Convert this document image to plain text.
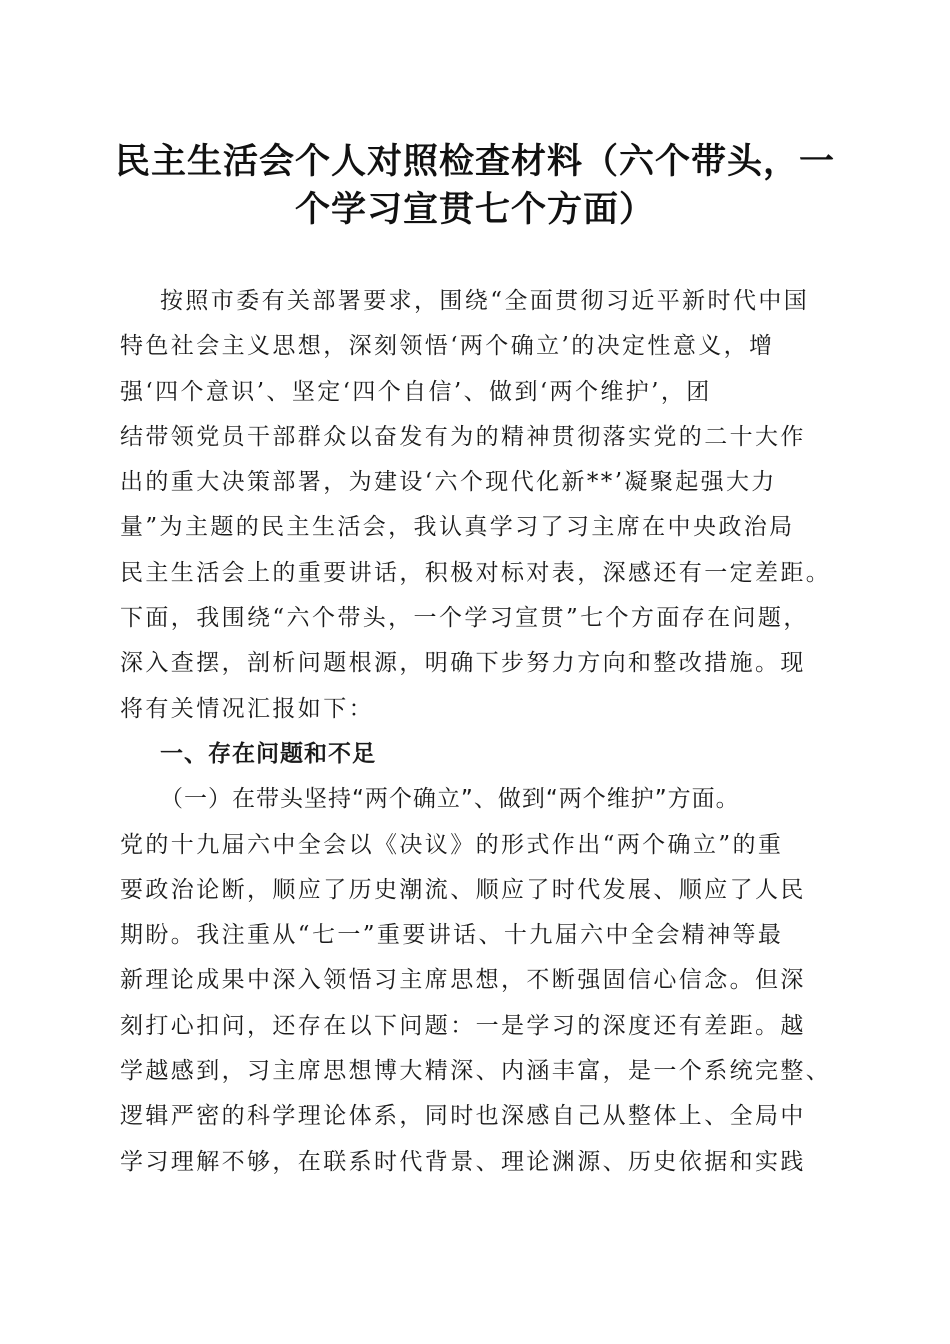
民主生活会个人对照检查材料（六个带头，一
个学习宣贯七个方面）
按照市委有关部署要求，围绕“全面贯彻习近平新时代中国
特色社会主义思想，深刻领悟‘两个确立’的决定性意义，增
强‘四个意识’、坚定‘四个自信’、做到‘两个维护’，团
结带领党员干部群众以奋发有为的精神贯彻落实党的二十大作
出的重大决策部署，为建设‘六个现代化新**’凝聚起强大力
量”为主题的民主生活会，我认真学习了习主席在中央政治局
民主生活会上的重要讲话，积极对标对表，深感还有一定差距。
下面，我围绕“六个带头，一个学习宣贯”七个方面存在问题，
深入查摆，剖析问题根源，明确下步努力方向和整改措施。现
将有关情况汇报如下：
一、存在问题和不足
（一）在带头坚持“两个确立”、做到“两个维护”方面。
党的十九届六中全会以《决议》的形式作出“两个确立”的重
要政治论断，顺应了历史潮流、顺应了时代发展、顺应了人民
期盼。我注重从“七一”重要讲话、十九届六中全会精神等最
新理论成果中深入领悟习主席思想，不断强固信心信念。但深
刻打心扣问，还存在以下问题：一是学习的深度还有差距。越
学越感到，习主席思想博大精深、内涵丰富，是一个系统完整、
逻辑严密的科学理论体系，同时也深感自己从整体上、全局中
学习理解不够，在联系时代背景、理论渊源、历史依据和实践
